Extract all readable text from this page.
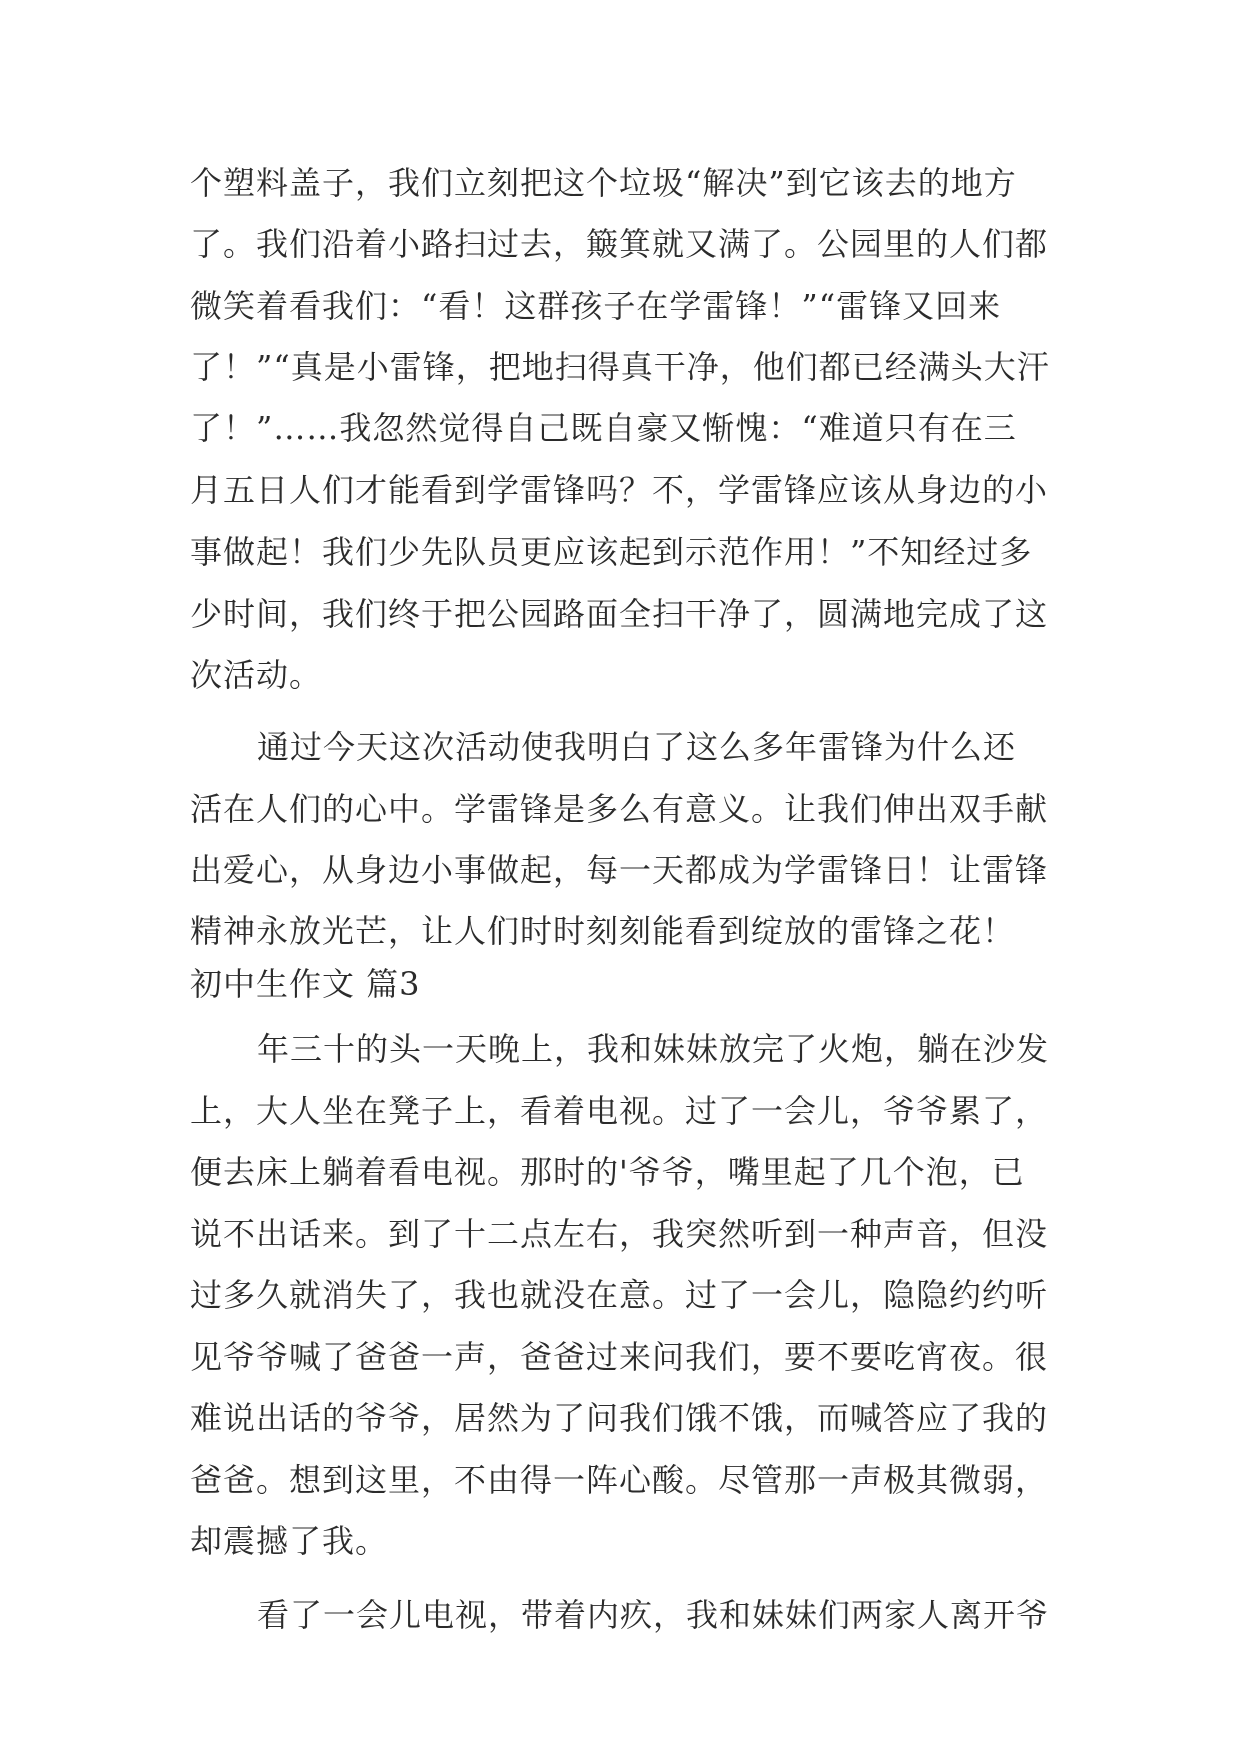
个塑料盖子，我们立刻把这个垃圾“解决”到它该去的地方
了。我们沿着小路扫过去，簸箕就又满了。公园里的人们都
微笑着看我们：“看！这群孩子在学雷锋！”“雷锋又回来
了！”“真是小雷锋，把地扫得真干净，他们都已经满头大汗
了！”……我忽然觉得自己既自豪又惭愧：“难道只有在三
月五日人们才能看到学雷锋吗？不，学雷锋应该从身边的小
事做起！我们少先队员更应该起到示范作用！”不知经过多
少时间，我们终于把公园路面全扫干净了，圆满地完成了这
次活动。
通过今天这次活动使我明白了这么多年雷锋为什么还
活在人们的心中。学雷锋是多么有意义。让我们伸出双手献
出爱心，从身边小事做起，每一天都成为学雷锋日！让雷锋
精神永放光芒，让人们时时刻刻能看到绽放的雷锋之花！
初中生作文 篇3
年三十的头一天晚上，我和妹妹放完了火炮，躺在沙发
上，大人坐在凳子上，看着电视。过了一会儿，爷爷累了，
便去床上躺着看电视。那时的'爷爷，嘴里起了几个泡，已
说不出话来。到了十二点左右，我突然听到一种声音，但没
过多久就消失了，我也就没在意。过了一会儿，隐隐约约听
见爷爷喊了爸爸一声，爸爸过来问我们，要不要吃宵夜。很
难说出话的爷爷，居然为了问我们饿不饿，而喊答应了我的
爸爸。想到这里，不由得一阵心酸。尽管那一声极其微弱，
却震撼了我。
看了一会儿电视，带着内疚，我和妹妹们两家人离开爷
